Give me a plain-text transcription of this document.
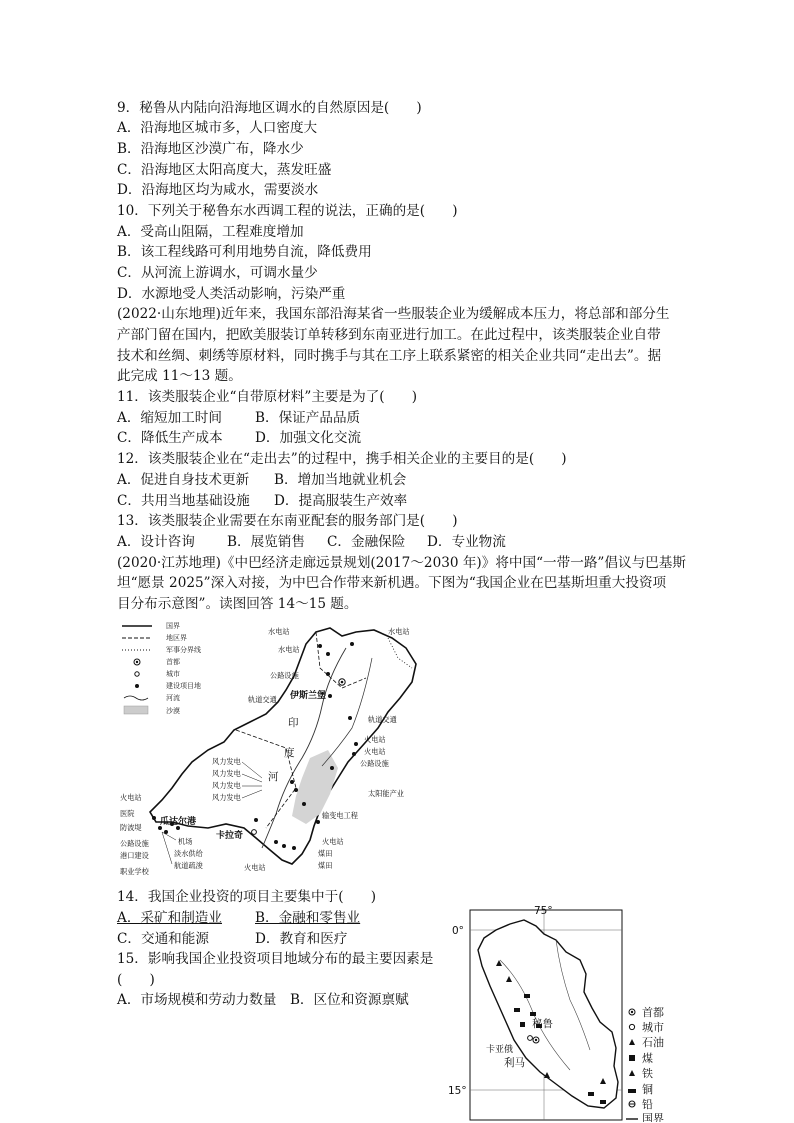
9．秘鲁从内陆向沿海地区调水的自然原因是(　　)
A．沿海地区城市多，人口密度大
B．沿海地区沙漠广布，降水少
C．沿海地区太阳高度大，蒸发旺盛
D．沿海地区均为咸水，需要淡水
10．下列关于秘鲁东水西调工程的说法，正确的是(　　)
A．受高山阻隔，工程难度增加
B．该工程线路可利用地势自流，降低费用
C．从河流上游调水，可调水量少
D．水源地受人类活动影响，污染严重
(2022·山东地理)近年来，我国东部沿海某省一些服装企业为缓解成本压力，将总部和部分生
产部门留在国内，把欧美服装订单转移到东南亚进行加工。在此过程中，该类服装企业自带
技术和丝绸、刺绣等原材料，同时携手与其在工序上联系紧密的相关企业共同“走出去”。据
此完成 11～13 题。
11．该类服装企业“自带原材料”主要是为了(　　)
A．缩短加工时间 B．保证产品品质
C．降低生产成本 D．加强文化交流
12．该类服装企业在“走出去”的过程中，携手相关企业的主要目的是(　　)
A．促进自身技术更新 B．增加当地就业机会
C．共用当地基础设施 D．提高服装生产效率
13．该类服装企业需要在东南亚配套的服务部门是(　　)
A．设计咨询 B．展览销售 C．金融保险 D．专业物流
(2020·江苏地理)《中巴经济走廊远景规划(2017～2030 年)》将中国“一带一路”倡议与巴基斯
坦“愿景 2025”深入对接，为中巴合作带来新机遇。下图为“我国企业在巴基斯坦重大投资项
目分布示意图”。读图回答 14～15 题。
国界
地区界
军事分界线
首都
城市
建设项目地
河流
沙漠
伊斯兰堡
水电站	水电站
水电站
公路设施
轨道交通
轨道交通
印
度
河
火电站
火电站
公路设施
风力发电
风力发电
风力发电
风力发电	太阳能产业
输变电工程
火电站
医院
防波堤
瓜达尔港
机场
淡水供给
公路设施
港口建设
航道疏浚
职业学校
卡拉奇
火电站
煤田
煤田
火电站
14．我国企业投资的项目主要集中于(　　)
A．采矿和制造业 B．金融和零售业
C．交通和能源	D．教育和医疗
15．影响我国企业投资项目地域分布的最主要因素是
(　　)
A．市场规模和劳动力数量　B．区位和资源禀赋
75°
0°
15°
秘鲁
卡亚俄
利马
首都
城市
石油
煤
铁
铜
铅
国界
